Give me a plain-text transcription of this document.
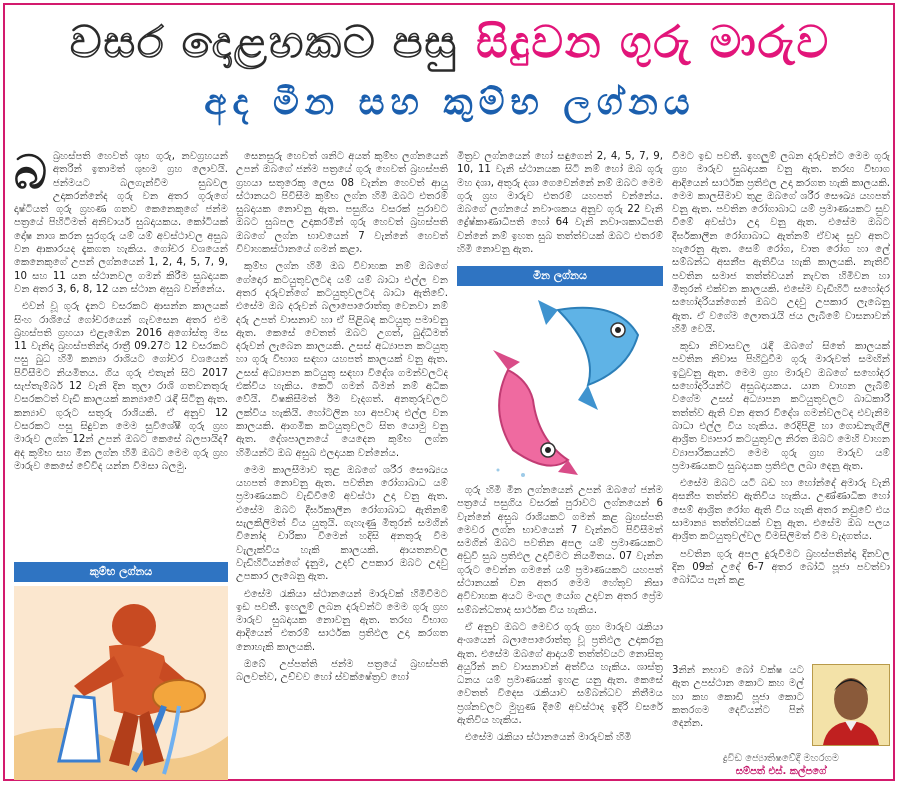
වසර දොළහකට පසු සිදුවන ගුරු මාරුව
අද මීන සහ කුම්භ ලග්නය
බ බ්‍රහස්පති හෙවත් ශුභ ගුරු, නවග්‍රහයන් අතරින් ඉතාමත් ශුභම ග්‍රහ ලොවයි. ජන්මයට බලගැන්වීම සුබවල උදාකරන්නේද ගුරු වන අතර ගුරුගේ දෘෂ්ටියත් ගුරු ග්‍රහණ ගතව කෙනෙකුගේ ජන්ම පත්‍රයේ පිහිටීමත් අනිවාර්ය සුබදායකය. කෝටියක් දෝෂ නාශ කරන සුරගුරු යම් යම් අවස්ථාවල අසුබ වන ආකාරයද දැකගත හැකිය. ගෝචර වශයෙන් කෙනෙකුගේ උපන් ලග්නයෙන් 1, 2, 4, 5, 7, 9, 10 සහ 11 යන ස්ථානවල ගමන් කිරීම සුබදායක වන අතර 3, 6, 8, 12 යන ස්ථාන අසුබ වන්නේය.

එවන් වූ ගුරු දැනට වසරකට ආසන්න කාලයක් සිංහ රාශියේ ගෝචරයෙන් ගැවසෙන අතර එම බ්‍රහස්පති ග්‍රහයා එළැඹෙන 2016 අගෝස්තු මස 11 වැනිදා බ්‍රහස්පතින්දා රාත්‍රී 09.27ට 12 වසරකට පසු බුධ හිමි කන්‍යා රාශියට ගෝචර වශයෙන් පිවිසීමට නියමිතය. ගිය ගුරු එතැන් සිට 2017 සැප්තැම්බර් 12 වැනි දින තුලා රාශි ගතවනතුරු වසරකටත් වැඩි කාලයක් කන්‍යාවේ රැඳී සිටිනු ඇත. කන්‍යාව ගුරුට සතුරු රාශියකි. ඒ අනුව 12 වසරකට පසු සිදුවන මෙම සුවිශේෂී ගුරු ග්‍රහ මාරුව ලග්න 12න් උපන් ඔබට කෙසේ බලපායිද? අද කුම්භ සහ මීන ලග්න හිමි ඔබට මෙම ගුරු ග්‍රහ මාරුව කෙසේ වේවිද යන්න විමසා බලමු.

කුම්භ ලග්නය

සෙනසුරු හෙවත් ශනිට අයත් කුම්භ ලග්නයෙන් උපන් ඔබගේ ජන්ම පත්‍රයේ ගුරු හෙවත් බ්‍රහස්පති ග්‍රහයා සතුරෙකු ලෙස 08 වැන්න හෙවත් ආයු ස්ථානයට පිවිසීම කුම්භ ලග්න හිමි ඔබට එතරම් සුබදායක නොවනු ඇත. පසුගිය වසරක් පුරාවට ඔබට සුබපල උදාකරමින් ගුරු හෙවත් බ්‍රහස්පති ඔබගේ ලග්න භාවයෙන් 7 වැන්නේ හෙවත් විවාහකස්ථානයේ ගමන් කළා.

කුම්භ ලග්න හිමි ඔබ විවාහක නම් ඔබගේ ගේදොර කටයුතුවලටද යම් යම් බාධා එල්ල වන අතර දරුවන්ගේ කටයුතුවලටද බාධා ඇතිවේ. එසේම ඔබ දරුවන් බලාපොරොත්තු වෙනවා නම් දරු උපත් වාසනාව හා ඒ පිළිබඳ කටයුතු පමාවනු ඇත. කෙසේ වෙතත් ඔබට උගත්, බුද්ධිමත් දරුවන් ලැබෙන කාලයකි. උසස් අධ්‍යාපන කටයුතු හා ගුරු විභාග සඳහා යහපත් කාලයක් වනු ඇත. උසස් අධ්‍යාපන කටයුතු සඳහා විදේශ ගමන්වලටද එක්විය හැකිය. කෙටි ගමන් බිමන් නම් අධික වේයි. විෂකිසීමත් ඊම වැදගත්. අනතුරුවලට ලක්විය හැකියි. හෝටලින හා අපවාද එල්ල වන කාලයකි. ආගමික කටයුතුවලට සිත යොමු වනු ඇත. දේශපාලනයේ යෙදෙන කුම්භ ලග්න හිමියන්ට ඔබ අසුබ ඵලදායක වන්නේය.

මෙම කාලසීමාව තුළ ඔබගේ ශරීර සෞඛ්‍යය යහපත් නොවනු ඇත. පවතින රෝගාබාධ යම් ප්‍රමාණයකට වැඩිවීමේ අවස්ථා උදා වනු ඇත. එසේම ඔබට දීර්ඝකාලීන රෝගාබාධ ඇතිනම් සැලකිලිමත් විය යුතුයි. ගැහැණු මිතුරන් සමගින් විනෝද චාරිකා වීමෙන් හදිසි අනතුරු වීම වැලැක්විය හැකි කාලයකි. ආයතනවල වැඩිහිටියන්ගේ දැනුම, උදව් උපකාර ඔබට උදවු උපකාර ලැබෙනු ඇත.

එසේම රැකියා ස්ථානයෙන් මාරුවක් හිමිවීමට ඉඩ පවතී. ඉහලුම් ලබන දරුවන්ට මෙම ගුරු ග්‍රහ මාරුව සුබදායක නොවනු ඇත. තරඟ විභාග ආදියෙන් එතරම් සාර්ථක ප්‍රතිඵල උදා කරගත නොහැකි කාලයකි.

ඔබේ උප්පත්ති ජන්ම පත්‍රයේ බ්‍රහස්පති බලවත්ව, උච්චව හෝ ස්වක්ෂේත්‍රව හෝ

මිත්‍රව ලග්නයෙන් හෝ සඳුගෙන් 2, 4, 5, 7, 9, 10, 11 වැනි ස්ථානයක සිටි නම් හෝ ඔබ ගුරු මහ දශා, අතුරු දශා ගෙවෙන්නේ නම් ඔබට මෙම ගුරු ග්‍රහ මාරුව එතරම් යහපත් වන්නේය. ඔබගේ ලග්නයේ නවාංශකය අනුව ගුරු 22 වැනි ද්‍රේෂ්කාණාධිපති හෝ 64 වැනි නවාංශකාධිපති වන්නේ නම් ඉහත සුබ තත්ත්වයක් ඔබට එතරම් හිමි නොවනු ඇත.

මීන ලග්නය

ගුරු හිමි මීන ලග්නයෙන් උපන් ඔබගේ ජන්ම පත්‍රයේ පසුගිය වසරක් පුරාවට ලග්නයෙන් 6 වැන්නේ අසුබ රාශියකට ගමන් කළ බ්‍රහස්පති මෙවර ලග්න භාවයෙන් 7 වැන්නට පිවිසීමත් සමගින් ඔබට පවතින අපල යම් ප්‍රමාණයකට අඩුවී සුබ ප්‍රතිඵල උදාවීමට නියමිතය. 07 වැන්න ගුරුට වෙන්න ගමනේ යම් ප්‍රමාණයකට යහපත් ස්ථානයක් වන අතර මෙම හේතුව නිසා අවිවාහක අයට මංගල යෝග උදාවන අතර ප්‍රේම සම්බන්ධතාද සාර්ථක විය හැකිය.

ඒ අනුව ඔබට මෙවර ගුරු ග්‍රහ මාරුව රැකියා අංශයෙන් බලාපොරොත්තු වූ ප්‍රතිඵල උදාකරනු ඇත. එසේම ඔබගේ ආදායම් තත්ත්වයට නොසිතූ අයුරින් නව වාසනාවන් අත්වීය හැකිය. ශාස්ත්‍ර ධනය යම් ප්‍රමාණයක් ඉහළ යනු ඇත. කෙසේ වෙතත් විදෙස රැකියාව සම්බන්ධව නිතීමය ප්‍රශ්නවලට මුහුණ දීමේ අවස්ථාද ඉදිරි වසරේ ඇතිවිය හැකිය.

එසේම රැකියා ස්ථානයෙන් මාරුවක් හිමි

වීමට ඉඩ පවතී. ඉහලුම් ලබන දරුවන්ට මෙම ගුරු ග්‍රහ මාරුව සුබදායක වනු ඇත. තරඟ විභාග ආදියෙන් සාර්ථක ප්‍රතිඵල උදා කරගත හැකි කාලයකි. මෙම කාලසීමාව තුළ ඔබගේ ශරීර සෞඛ්‍ය යහපත් වනු ඇත. පවතින රෝගාබාධ යම් ප්‍රමාණයකට සුව වීමේ අවස්ථා උදා වනු ඇත. එසේම ඔබට දීර්ඝකාලීන රෝගාබාධ ඇත්නම් ඒවාද සුව අතට හැරෙනු ඇත. සෙම් රෝග, වාත රෝග හා ලේ සම්බන්ධ අසනීප ඇතිවිය හැකි කාලයකි. නැතිවී පවතින සමාජ තත්ත්වයන් නැවත හිමිවන හා මිතුරන් එක්වන කාලයකි. එසේම වැඩිහිටි සහෝදර සහෝදරියන්ගෙන් ඔබට උදවු උපකාර ලැබෙනු ඇත. ඒ වගේම ලොතරැයි ජය ලැබීමේ වාසනාවන් හිමි වෙයි.

කුඩා නිවාසවල රැඳී ඔබගේ සිතේ කාලයක් පවතින නිවාස පිහිටුවීම ගුරු මාරුවත් සමඟින් ඉටුවනු ඇත. මෙම ග්‍රහ මාරුව ඔබගේ සහෝදර සහෝදරියන්ට අසුබදායකය. යාන වාහන ලැබීම් වගේම උසස් අධ්‍යාපන කටයුතුවලට බාධකාරී තත්ත්ව ඇති වන අතර විදේශ ගමන්වලටද එවැනිම බාධා එල්ල විය හැකිය. රෙදිපිළි හා ගොඩනැගිලි ආශ්‍රිත ව්‍යාපාර කටයුතුවල නිරත ඔබට මෙහි වාහන ව්‍යාපාරිකයන්ට මෙම ගුරු ග්‍රහ මාරුව යම් ප්‍රමාණයකට සුබදායක ප්‍රතිඵල ලබා දෙනු ඇත.

එසේම ඔබට යටි බඩ හා හෝන්දේ අමාරු වැනි අසනීප තත්ත්ව ඇතිවිය හැකිය. උණ්ණාධික හෝ සෙම් ආශ්‍රිත රෝග ඇති විය හැකි අතර නඩුවේ එය සාමාන්‍ය තත්ත්වයක් වනු ඇත. එසේම ඔබ පලය ආශ්‍රිත කටයුතුවල්වල විමසිලිමත් වීම වැදගත්ය.

පවතින ගුරු අපල දුරුවීමට බ්‍රහස්පතින්දා දිනවල දින 09ක් උදේ 6-7 අතර බෝධි පූජා පවත්වා බෝධිය පැන් කළ

3නින් නභාව බෝ වක්ෂ යට ඇත උපස්ථාන කොට කහ මල් හා කහ කොඩි පූජා කොට කතරගම දෙවියන්ට පින් දෙන්න.

ද්‍රවිඩ ජ්‍යොතිෂවේදී මහරගම
සම්පත් එස්. කල්පගේ
